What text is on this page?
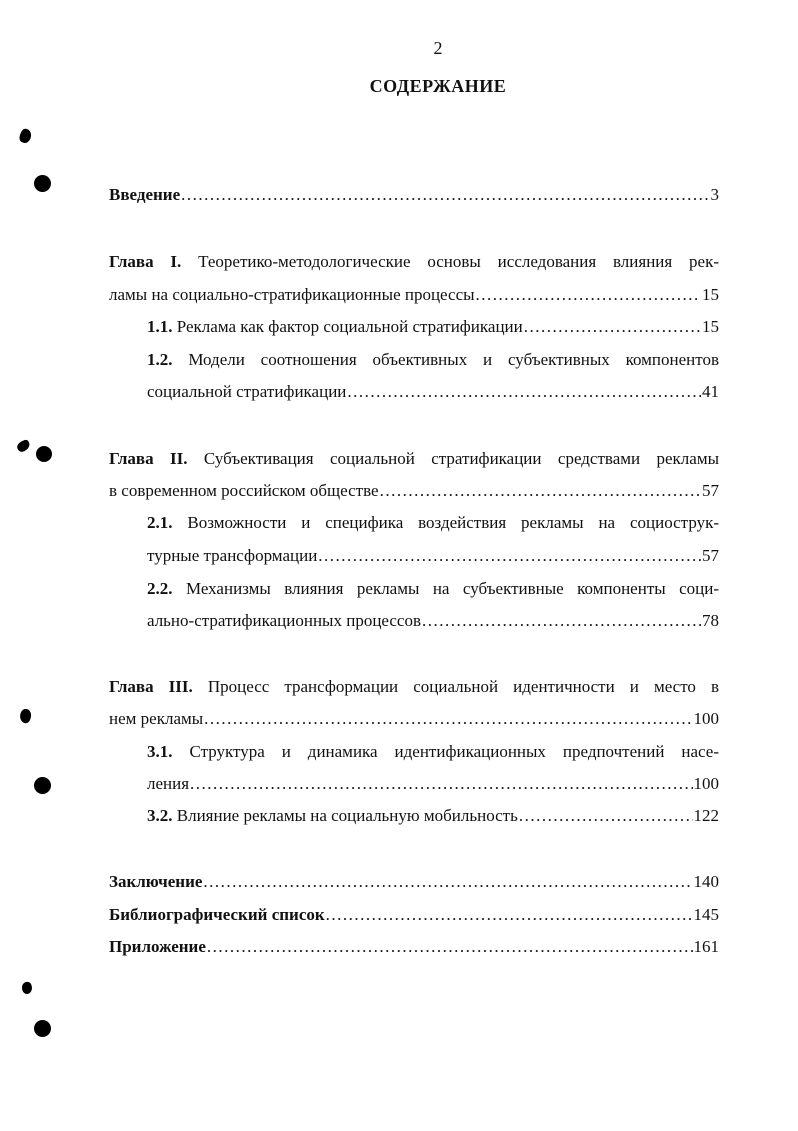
2
СОДЕРЖАНИЕ
Введение .....	3
Глава I. Теоретико-методологические основы исследования влияния рек-
ламы на социально-стратификационные процессы .....	15
1.1. Реклама как фактор социальной стратификации .....	15
1.2. Модели соотношения объективных и субъективных компонентов
социальной стратификации .....	41
Глава II. Субъективация социальной стратификации средствами рекламы
в современном российском обществе .....	57
2.1. Возможности и специфика воздействия рекламы на социострук-
турные трансформации .....	57
2.2. Механизмы влияния рекламы на субъективные компоненты соци-
ально-стратификационных процессов .....	78
Глава III. Процесс трансформации социальной идентичности и место в
нем рекламы .....	100
3.1. Структура и динамика идентификационных предпочтений насе-
ления .....	100
3.2. Влияние рекламы на социальную мобильность .....	122
Заключение .....	140
Библиографический список .....	145
Приложение .....	161
